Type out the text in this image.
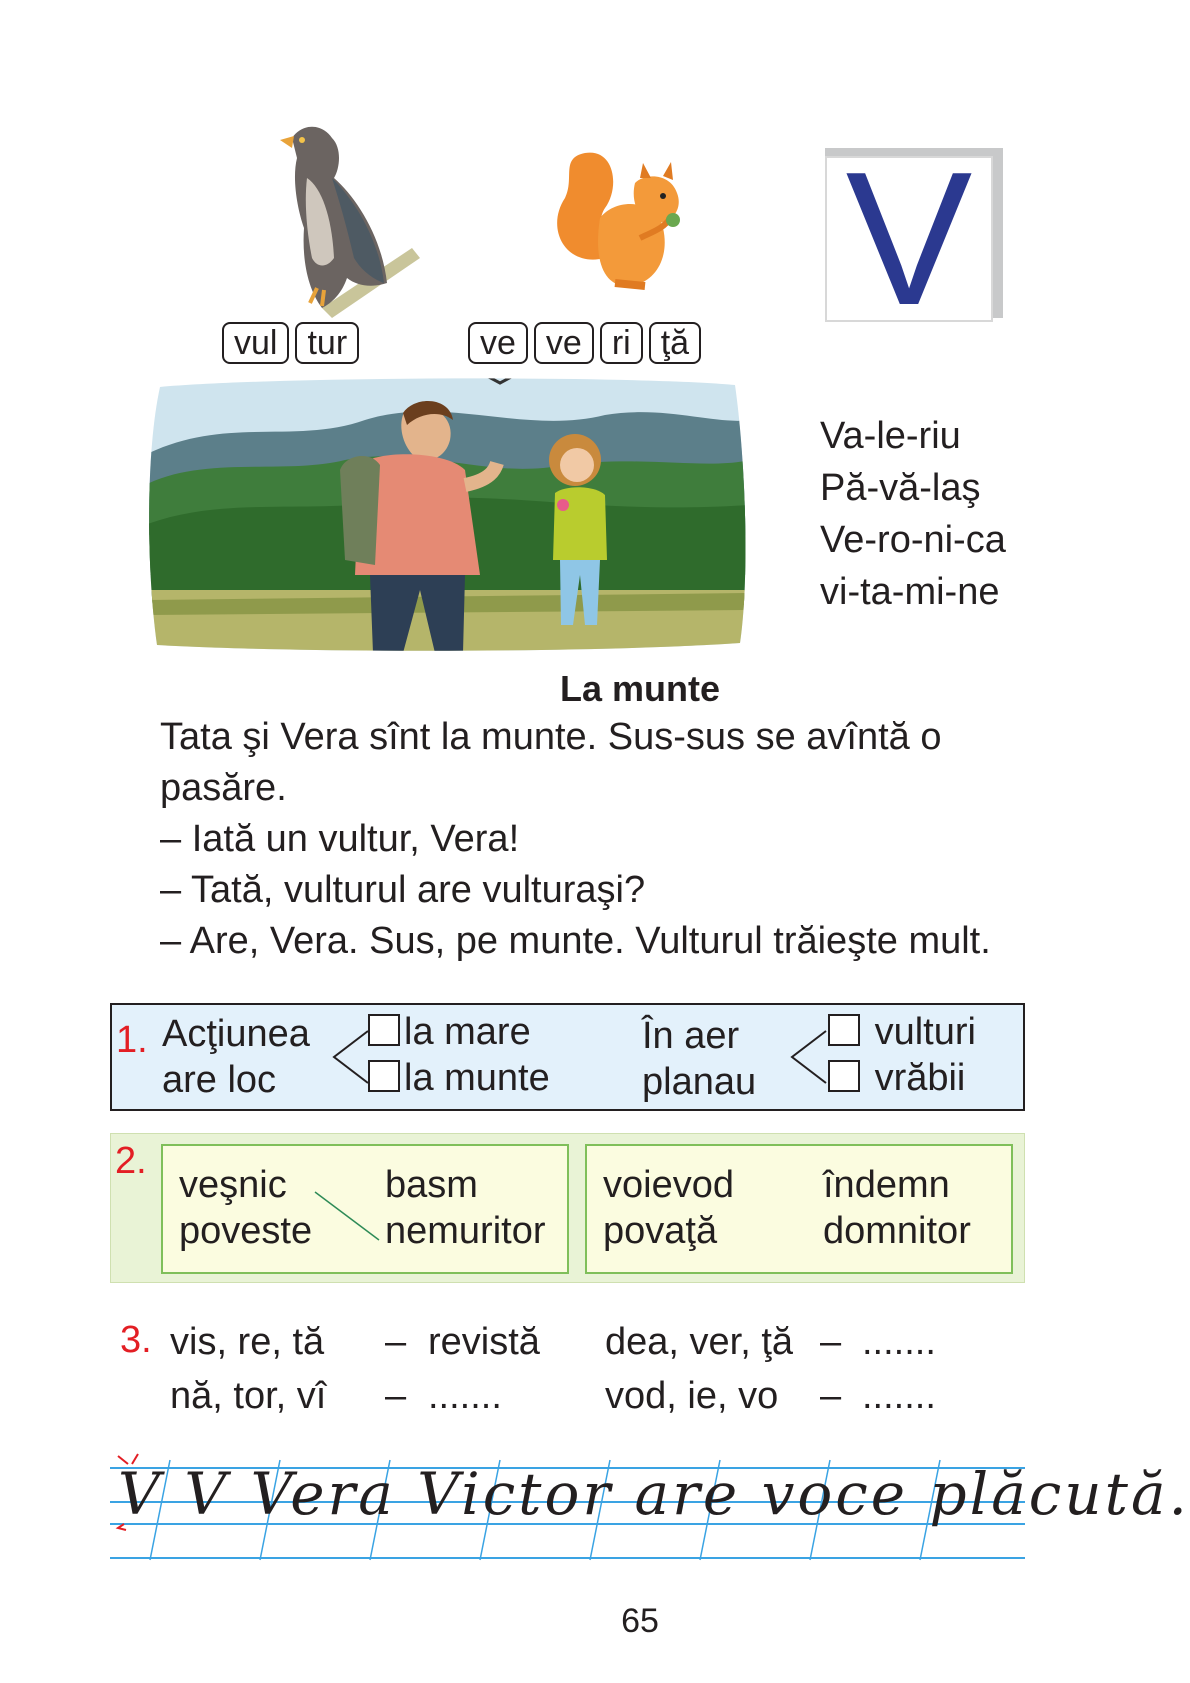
vul tur	ve ve ri ţă V
Va-le-riu
Pă-vă-laş
Ve-ro-ni-ca
vi-ta-mi-ne
La munte

Tata şi Vera sînt la munte. Sus-sus se avîntă o pasăre.

– Iată un vultur, Vera!

– Tată, vulturul are vulturaşi?

– Are, Vera. Sus, pe munte. Vulturul trăieşte mult.

1. Acţiunea
are loc
la mare
la munte
În aer
planau
vulturi
vrăbii
2.
veşnic
poveste
basm
nemuritor
voievod
povaţă
îndemn
domnitor
3. vis, re, tă
nă, tor, vî
–
–
revistă
.......
dea, ver, ţă
vod, ie, vo
–
–
.......
.......
V V Vera Victor are voce plăcută.
65
